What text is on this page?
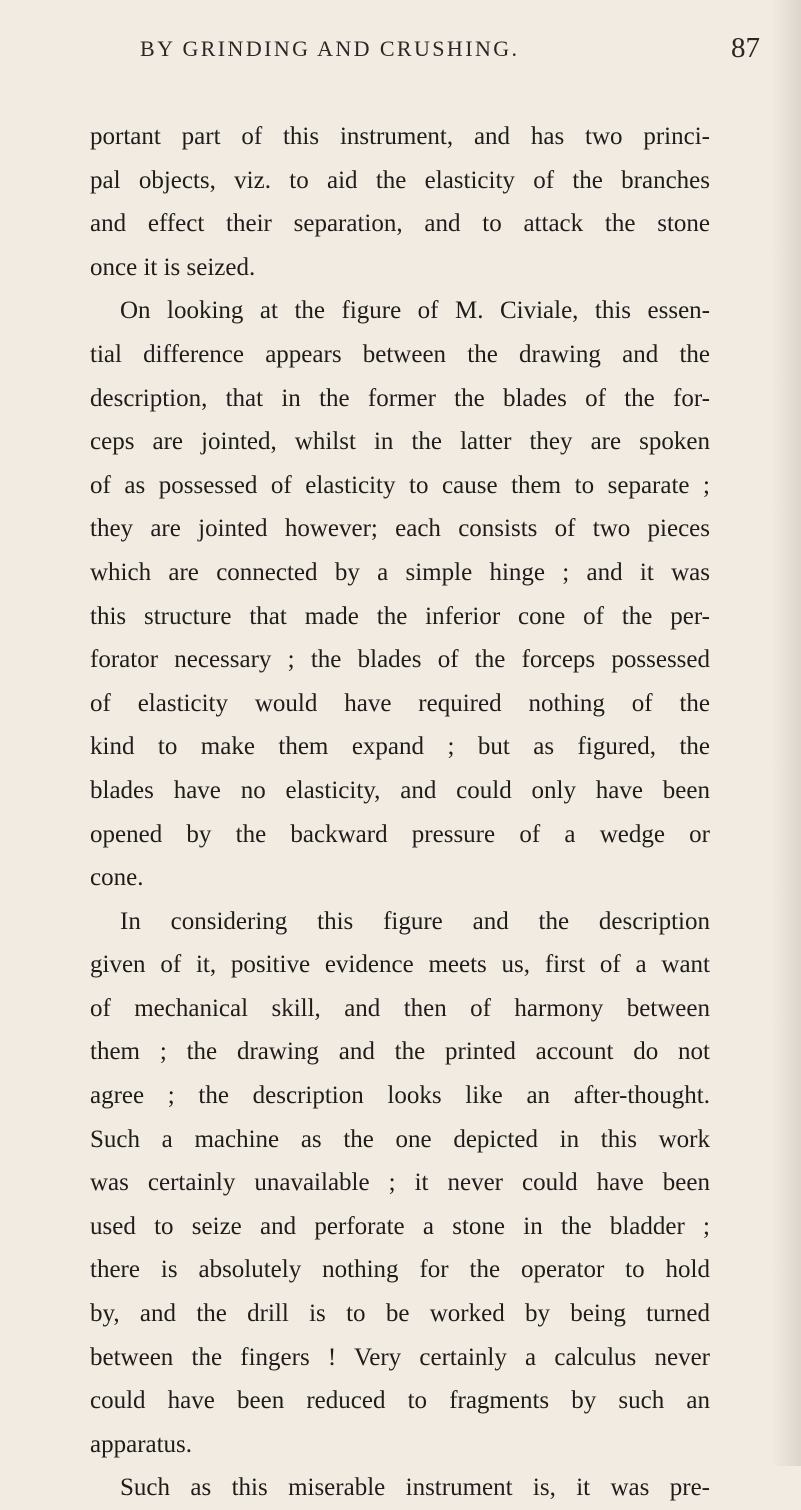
BY GRINDING AND CRUSHING.	87
portant part of this instrument, and has two princi-
pal objects, viz. to aid the elasticity of the branches
and effect their separation, and to attack the stone
once it is seized.
On looking at the figure of M. Civiale, this essen-
tial difference appears between the drawing and the
description, that in the former the blades of the for-
ceps are jointed, whilst in the latter they are spoken
of as possessed of elasticity to cause them to separate ;
they are jointed however; each consists of two pieces
which are connected by a simple hinge ; and it was
this structure that made the inferior cone of the per-
forator necessary ; the blades of the forceps possessed
of elasticity would have required nothing of the
kind to make them expand ; but as figured, the
blades have no elasticity, and could only have been
opened by the backward pressure of a wedge or
cone.
In considering this figure and the description
given of it, positive evidence meets us, first of a want
of mechanical skill, and then of harmony between
them ; the drawing and the printed account do not
agree ; the description looks like an after-thought.
Such a machine as the one depicted in this work
was certainly unavailable ; it never could have been
used to seize and perforate a stone in the bladder ;
there is absolutely nothing for the operator to hold
by, and the drill is to be worked by being turned
between the fingers ! Very certainly a calculus never
could have been reduced to fragments by such an
apparatus.
Such as this miserable instrument is, it was pre-
